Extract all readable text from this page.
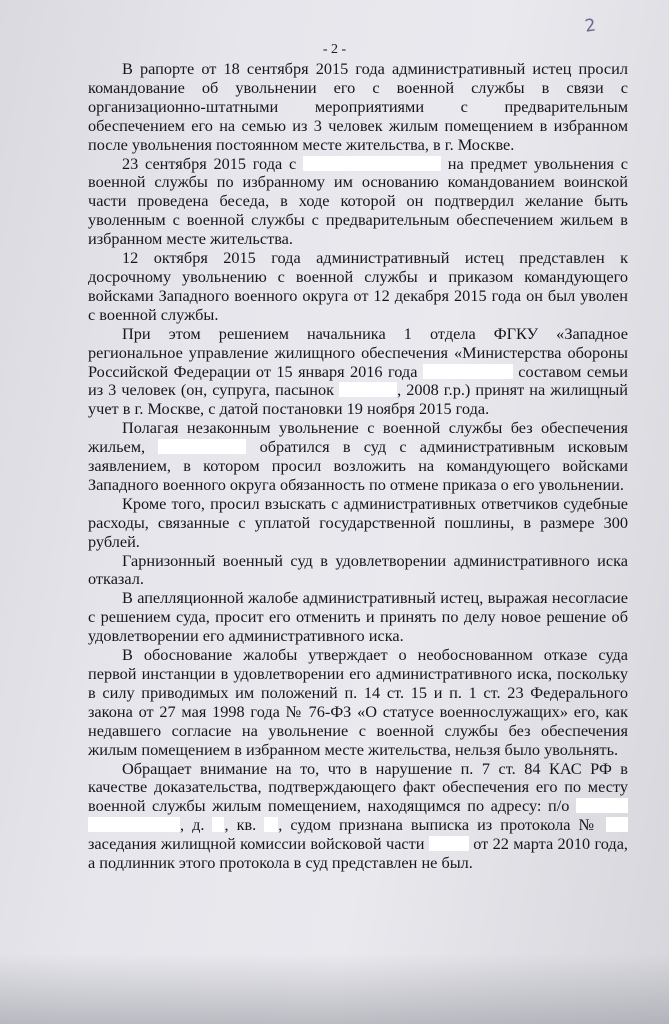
2
- 2 -

В рапорте от 18 сентября 2015 года административный истец просил командование об увольнении его с военной службы в связи с организационно-штатными мероприятиями с предварительным обеспечением его на семью из 3 человек жилым помещением в избранном после увольнения постоянном месте жительства, в г. Москве.

23 сентября 2015 года с	на предмет увольнения с военной службы по избранному им основанию командованием воинской части проведена беседа, в ходе которой он подтвердил желание быть уволенным с военной службы с предварительным обеспечением жильем в избранном месте жительства.

12 октября 2015 года административный истец представлен к досрочному увольнению с военной службы и приказом командующего войсками Западного военного округа от 12 декабря 2015 года он был уволен с военной службы.

При этом решением начальника 1 отдела ФГКУ «Западное региональное управление жилищного обеспечения «Министерства обороны Российской Федерации от 15 января 2016 года	составом семьи из 3 человек (он, супруга, пасынок	, 2008 г.р.) принят на жилищный учет в г. Москве, с датой постановки 19 ноября 2015 года.

Полагая незаконным увольнение с военной службы без обеспечения жильем,	обратился в суд с административным исковым заявлением, в котором просил возложить на командующего войсками Западного военного округа обязанность по отмене приказа о его увольнении.

Кроме того, просил взыскать с административных ответчиков судебные расходы, связанные с уплатой государственной пошлины, в размере 300 рублей.

Гарнизонный военный суд в удовлетворении административного иска отказал.

В апелляционной жалобе административный истец, выражая несогласие с решением суда, просит его отменить и принять по делу новое решение об удовлетворении его административного иска.

В обоснование жалобы утверждает о необоснованном отказе суда первой инстанции в удовлетворении его административного иска, поскольку в силу приводимых им положений п. 14 ст. 15 и п. 1 ст. 23 Федерального закона от 27 мая 1998 года № 76-ФЗ «О статусе военнослужащих» его, как недавшего согласие на увольнение с военной службы без обеспечения жилым помещением в избранном месте жительства, нельзя было увольнять.

Обращает внимание на то, что в нарушение п. 7 ст. 84 КАС РФ в качестве доказательства, подтверждающего факт обеспечения его по месту военной службы жилым помещением, находящимся по адресу: п/о  , д. , кв. , судом признана выписка из протокола №  заседания жилищной комиссии войсковой части	от 22 марта 2010 года, а подлинник этого протокола в суд представлен не был.
